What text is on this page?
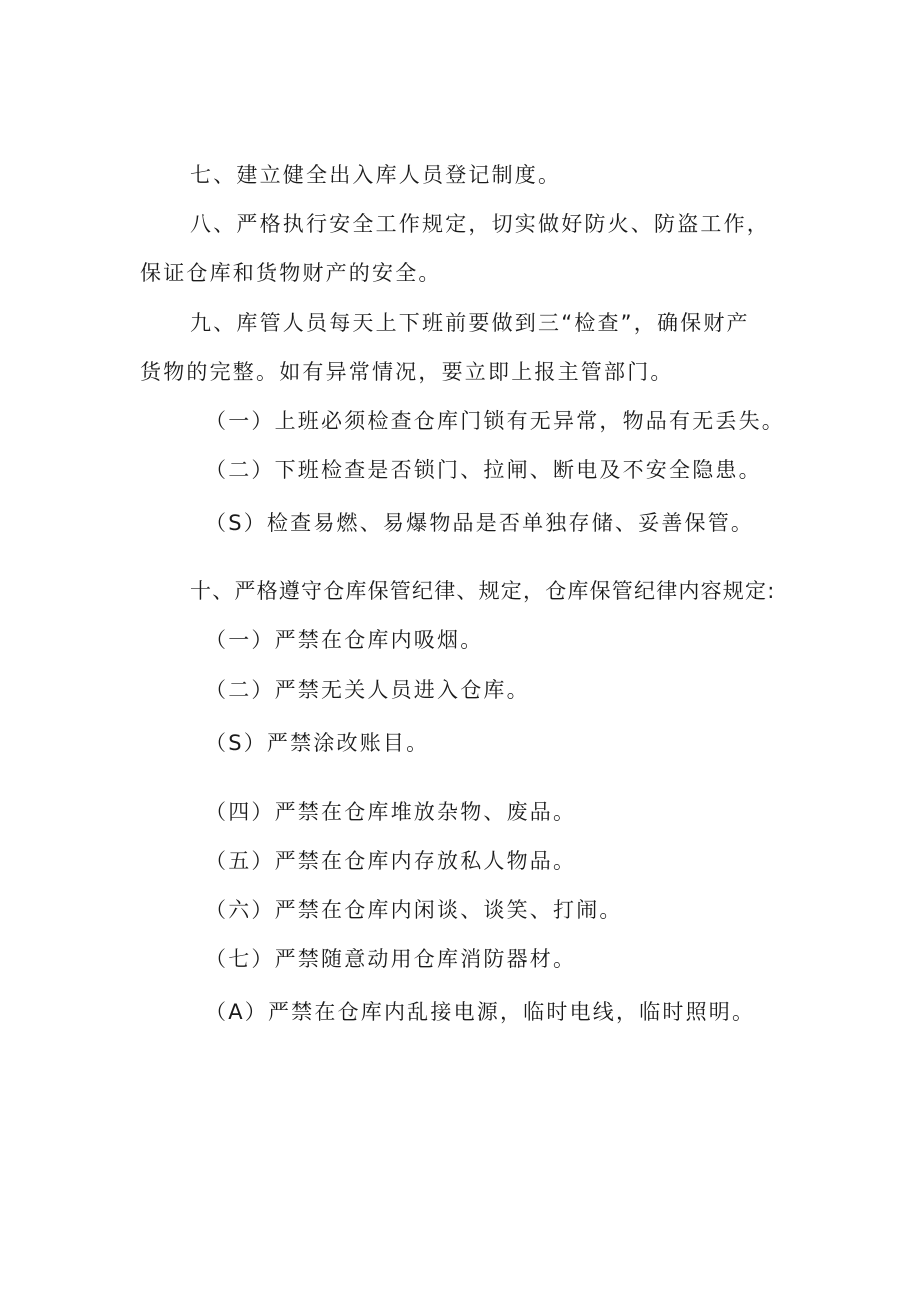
七、建立健全出入库人员登记制度。
八、严格执行安全工作规定，切实做好防火、防盗工作，
保证仓库和货物财产的安全。
九、库管人员每天上下班前要做到三“检查”，确保财产
货物的完整。如有异常情况，要立即上报主管部门。
（一）上班必须检查仓库门锁有无异常，物品有无丢失。
（二）下班检查是否锁门、拉闸、断电及不安全隐患。
（S）检查易燃、易爆物品是否单独存储、妥善保管。
十、严格遵守仓库保管纪律、规定，仓库保管纪律内容规定:
（一）严禁在仓库内吸烟。
（二）严禁无关人员进入仓库。
（S）严禁涂改账目。
（四）严禁在仓库堆放杂物、废品。
（五）严禁在仓库内存放私人物品。
（六）严禁在仓库内闲谈、谈笑、打闹。
（七）严禁随意动用仓库消防器材。
（A）严禁在仓库内乱接电源，临时电线，临时照明。
